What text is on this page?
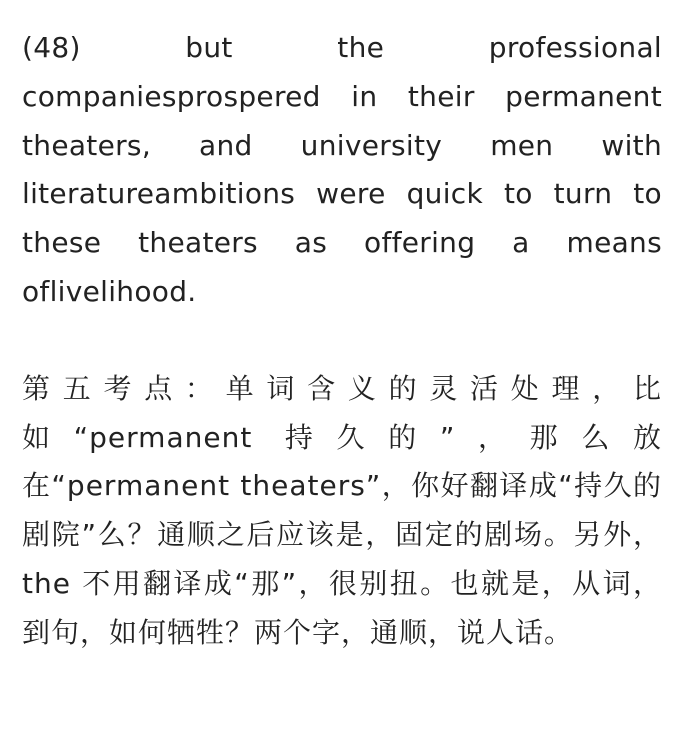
(48) but the professional companiesprospered in their permanent theaters, and university men with literatureambitions were quick to turn to these theaters as offering a means oflivelihood.

第五考点：单词含义的灵活处理，比如“permanent 持久的”，那么放在“permanent theaters”，你好翻译成“持久的剧院”么？通顺之后应该是，固定的剧场。另外，the 不用翻译成“那”，很别扭。也就是，从词，到句，如何牺牲？两个字，通顺，说人话。
